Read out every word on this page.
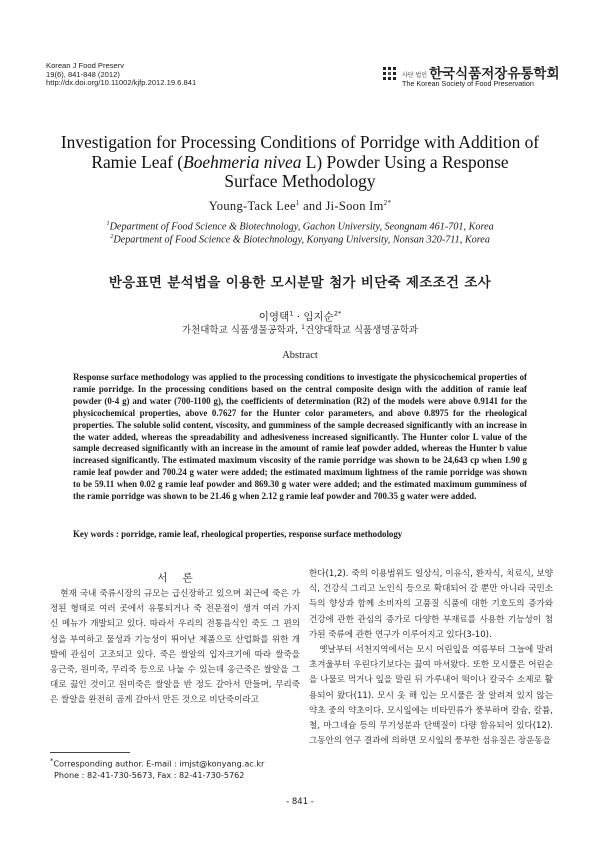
Korean J Food Preserv
19(6), 841-848 (2012)
http://dx.doi.org/10.11002/kjfp.2012.19.6.841
사단 법인 한국식품저장유통학회
The Korean Society of Food Preservation
Investigation for Processing Conditions of Porridge with Addition of
Ramie Leaf (Boehmeria nivea L) Powder Using a Response
Surface Methodology
Young-Tack Lee$^1$ and Ji-Soon $Im^{2*}$
$^1$Department of Food Science & Biotechnology, Gachon University, Seongnam 461-701, Korea
$^2$Department of Food Science & Biotechnology, Konyang University, Nonsan 320-711, Korea
반응표면 분석법을 이용한 모시분말 첨가 비단죽 제조조건 조사
이영택$^1$ · 임지순$^{2*}$
가천대학교 식품생물공학과, $^1$건양대학교 식품생명공학과
Abstract
Response surface methodology was applied to the processing conditions to investigate the physicochemical properties of ramie porridge. In the processing conditions based on the central composite design with the addition of ramie leaf powder (0-4 g) and water (700-1100 g), the coefficients of determination (R2) of the models were above 0.9141 for the physicochemical properties, above 0.7627 for the Hunter color parameters, and above 0.8975 for the rheological properties. The soluble solid content, viscosity, and gumminess of the sample decreased significantly with an increase in the water added, whereas the spreadability and adhesiveness increased significantly. The Hunter color L value of the sample decreased significantly with an increase in the amount of ramie leaf powder added, whereas the Hunter b value increased significantly. The estimated maximum viscosity of the ramie porridge was shown to be 24,643 cp when 1.90 g ramie leaf powder and 700.24 g water were added; the estimated maximum lightness of the ramie porridge was shown to be 59.11 when 0.02 g ramie leaf powder and 869.30 g water were added; and the estimated maximum gumminess of the ramie porridge was shown to be 21.46 g when 2.12 g ramie leaf powder and 700.35 g water were added.
Key words : porridge, ramie leaf, rheological properties, response surface methodology
서 론

현재 국내 죽류시장의 규모는 급신장하고 있으며 최근에 죽은 가정된 형태로 여러 곳에서 유통되거나 죽 전문점이 생겨 여러 가지 신 메뉴가 개발되고 있다. 따라서 우리의 전통음식인 죽도 그 편의성을 부여하고 물성과 기능성이 뛰어난 제품으로 산업화를 위한 개발에 관심이 고조되고 있다. 죽은 쌀알의 입자크기에 따라 쌀죽을 옹근죽, 원미죽, 무리죽 등으로 나눌 수 있는데 옹근죽은 쌀알을 그대로 끓인 것이고 원미죽은 쌀알을 반 정도 갈아서 만들며, 무리죽은 쌀알을 완전히 곱게 갈아서 만든 것으로 비단죽이라고

한다(1,2). 죽의 이용범위도 일상식, 이유식, 환자식, 치료식, 보양식, 건강식 그리고 노인식 등으로 확대되어 갈 뿐만 아니라 국민소득의 향상과 함께 소비자의 고품질 식품에 대한 기호도의 증가와 건강에 관한 관심의 증가로 다양한 부재료를 사용한 기능성이 첨가된 죽류에 관한 연구가 이루어지고 있다(3-10).

옛날부터 서천지역에서는 모시 어린잎을 여름부터 그늘에 말려 초겨울부터 우린다기보다는 끓여 마셔왔다. 또한 모시풀은 어린순을 나물로 먹거나 잎을 말린 뒤 가루내어 떡이나 칼국수 소제로 활용되어 왔다(11). 모시 옷 해 입는 모시풀은 잘 알려져 있지 않는 약초 중의 약초이다. 모시잎에는 비타민류가 풍부하며 칼슘, 칼륨, 철, 마그네슘 등의 무기성분과 단백질이 다량 함유되어 있다(12). 그동안의 연구 결과에 의하면 모시잎의 풍부한 섬유질은 장운동을

*Corresponding author. E-mail : imjst@konyang.ac.kr
Phone : 82-41-730-5673, Fax : 82-41-730-5762
- 841 -
